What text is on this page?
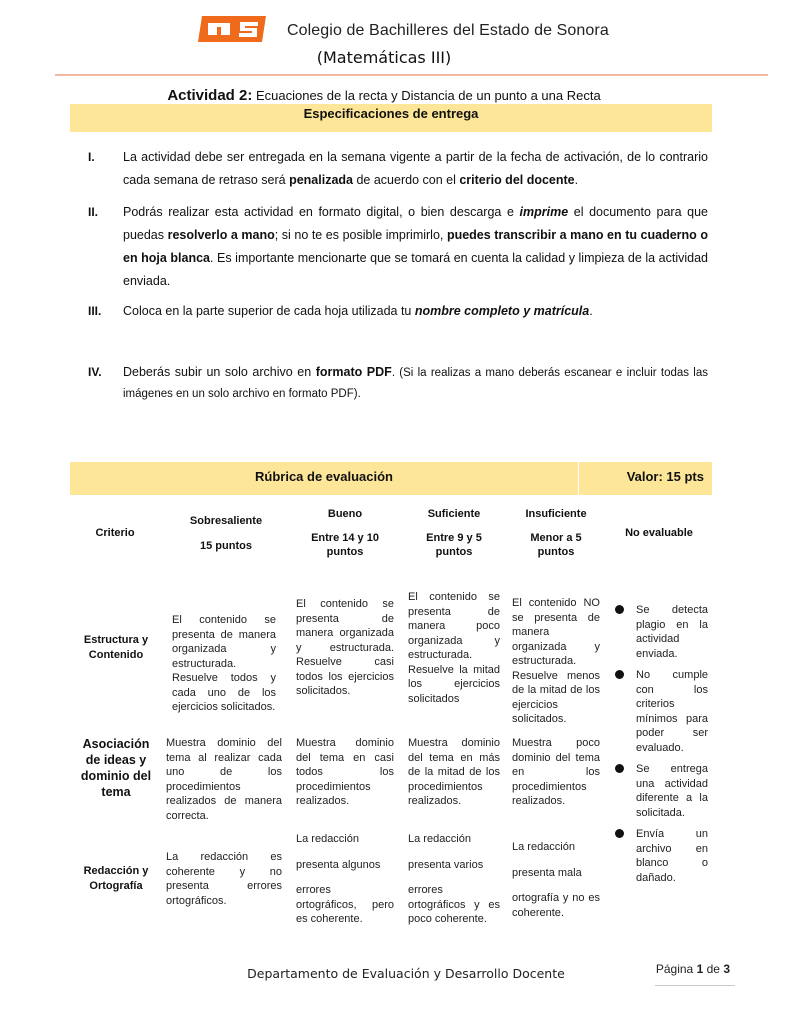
CBS
Colegio de Bachilleres del Estado de Sonora
(Matemáticas III)
Actividad 2: Ecuaciones de la recta y Distancia de un punto a una Recta
Especificaciones de entrega
I. La actividad debe ser entregada en la semana vigente a partir de la fecha de activación, de lo contrario cada semana de retraso será penalizada de acuerdo con el criterio del docente.
II. Podrás realizar esta actividad en formato digital, o bien descarga e imprime el documento para que puedas resolverlo a mano; si no te es posible imprimirlo, puedes transcribir a mano en tu cuaderno o en hoja blanca. Es importante mencionarte que se tomará en cuenta la calidad y limpieza de la actividad enviada.
III. Coloca en la parte superior de cada hoja utilizada tu nombre completo y matrícula.
IV. Deberás subir un solo archivo en formato PDF. (Si la realizas a mano deberás escanear e incluir todas las imágenes en un solo archivo en formato PDF).
Rúbrica de evaluación	Valor: 15 pts
Criterio
Sobresaliente
15 puntos
Bueno
Entre 14 y 10 puntos
Suficiente
Entre 9 y 5 puntos
Insuficiente
Menor a 5 puntos
No evaluable
Estructura y Contenido
El contenido se presenta de manera organizada y estructurada. Resuelve todos y cada uno de los ejercicios solicitados.
El contenido se presenta de manera organizada y estructurada. Resuelve casi todos los ejercicios solicitados.
El contenido se presenta de manera poco organizada y estructurada. Resuelve la mitad los ejercicios solicitados
El contenido NO se presenta de manera organizada y estructurada. Resuelve menos de la mitad de los ejercicios solicitados.
Asociación de ideas y dominio del tema
Muestra dominio del tema al realizar cada uno de los procedimientos realizados de manera correcta.
Muestra dominio del tema en casi todos los procedimientos realizados.
Muestra dominio del tema en más de la mitad de los procedimientos realizados.
Muestra poco dominio del tema en los procedimientos realizados.
Redacción y Ortografía
La redacción es coherente y no presenta errores ortográficos.
La redacción
presenta algunos
errores ortográficos, pero es coherente.
La redacción
presenta varios
errores ortográficos y es poco coherente.
La redacción
presenta mala
ortografía y no es coherente.
Se detecta plagio en la actividad enviada.
No cumple con los criterios mínimos para poder ser evaluado.
Se entrega una actividad diferente a la solicitada.
Envía un archivo en blanco o dañado.
Departamento de Evaluación y Desarrollo Docente	Página 1 de 3
